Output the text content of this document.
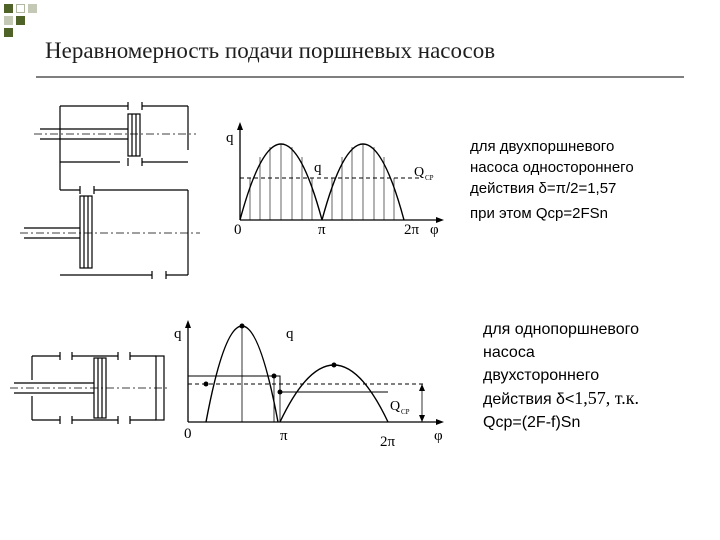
Неравномерность подачи поршневых насосов
q
q	Q СР
0	π	2π φ
для двухпоршневого
насоса одностороннего
действия δ=π/2=1,57
при этом Qср=2FSn
q	q
Q СР
0	π	2π	φ
для однопоршневого
насоса
двухстороннего
действия δ<1,57, т.к.
Qср=(2F-f)Sn
